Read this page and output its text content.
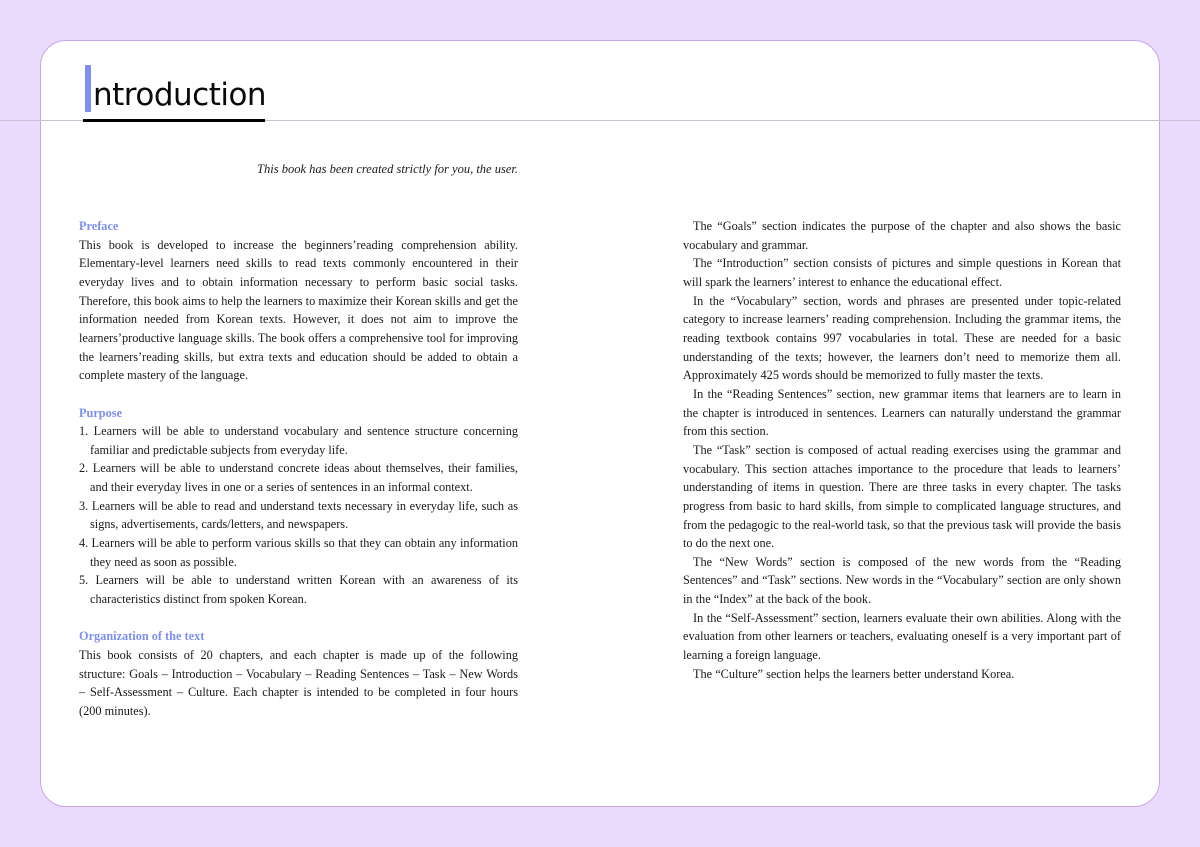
ntroduction
This book has been created strictly for you, the user.

Preface

This book is developed to increase the beginners’reading comprehension ability. Elementary-level learners need skills to read texts commonly encountered in their everyday lives and to obtain information necessary to perform basic social tasks. Therefore, this book aims to help the learners to maximize their Korean skills and get the information needed from Korean texts. However, it does not aim to improve the learners’productive language skills. The book offers a comprehensive tool for improving the learners’reading skills, but extra texts and education should be added to obtain a complete mastery of the language.

Purpose

1. Learners will be able to understand vocabulary and sentence structure concerning familiar and predictable subjects from everyday life.
2. Learners will be able to understand concrete ideas about themselves, their families, and their everyday lives in one or a series of sentences in an informal context.
3. Learners will be able to read and understand texts necessary in everyday life, such as signs, advertisements, cards/letters, and newspapers.
4. Learners will be able to perform various skills so that they can obtain any information they need as soon as possible.
5. Learners will be able to understand written Korean with an awareness of its characteristics distinct from spoken Korean.

Organization of the text

This book consists of 20 chapters, and each chapter is made up of the following structure: Goals – Introduction – Vocabulary – Reading Sentences – Task – New Words – Self-Assessment – Culture. Each chapter is intended to be completed in four hours (200 minutes).

The “Goals” section indicates the purpose of the chapter and also shows the basic vocabulary and grammar.

The “Introduction” section consists of pictures and simple questions in Korean that will spark the learners’ interest to enhance the educational effect.

In the “Vocabulary” section, words and phrases are presented under topic-related category to increase learners’ reading comprehension. Including the grammar items, the reading textbook contains 997 vocabularies in total. These are needed for a basic understanding of the texts; however, the learners don’t need to memorize them all. Approximately 425 words should be memorized to fully master the texts.

In the “Reading Sentences” section, new grammar items that learners are to learn in the chapter is introduced in sentences. Learners can naturally understand the grammar from this section.

The “Task” section is composed of actual reading exercises using the grammar and vocabulary. This section attaches importance to the procedure that leads to learners’ understanding of items in question. There are three tasks in every chapter. The tasks progress from basic to hard skills, from simple to complicated language structures, and from the pedagogic to the real-world task, so that the previous task will provide the basis to do the next one.

The “New Words” section is composed of the new words from the “Reading Sentences” and “Task” sections. New words in the “Vocabulary” section are only shown in the “Index” at the back of the book.

In the “Self-Assessment” section, learners evaluate their own abilities. Along with the evaluation from other learners or teachers, evaluating oneself is a very important part of learning a foreign language.

The “Culture” section helps the learners better understand Korea.
